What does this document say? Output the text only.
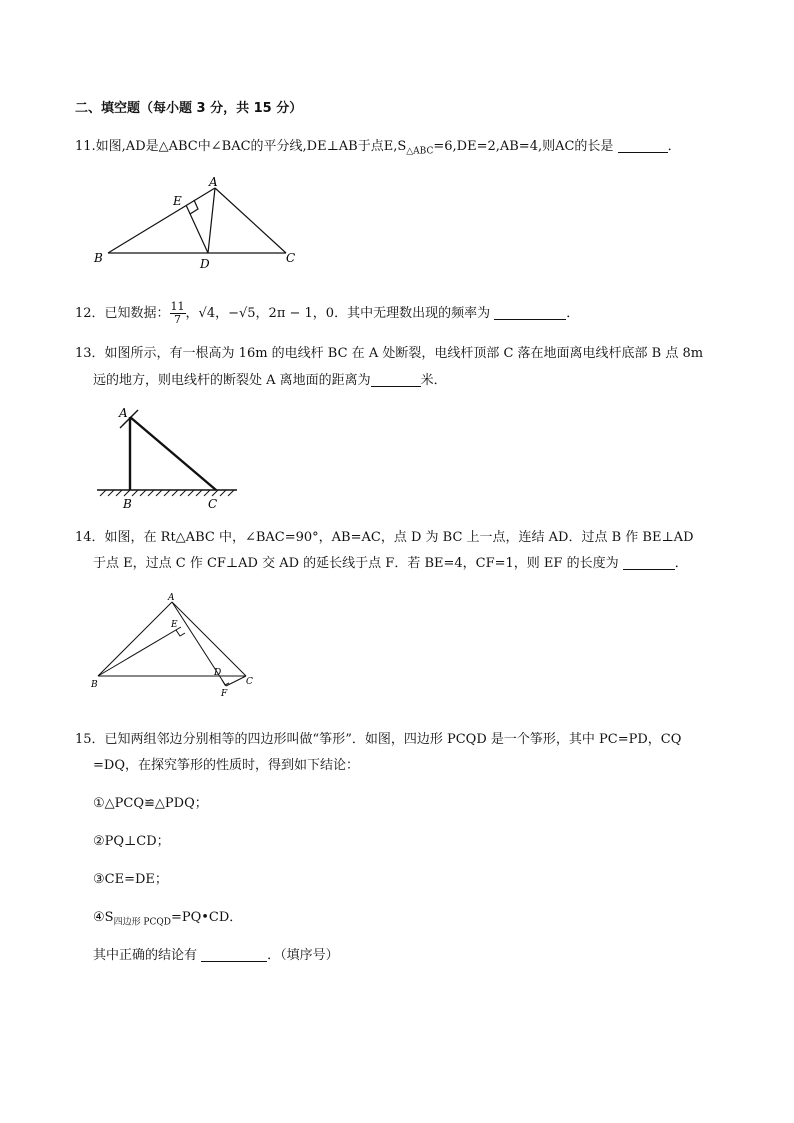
二、填空题（每小题 3 分，共 15 分）
11.如图,AD是△ABC中∠BAC的平分线,DE⊥AB于点$E,S_{\triangle ABC}=6,DE=2,AB=4$,则AC的长是	．
A
E
B	D	C
12．已知数据： $\frac{11}{7}$ ，√4，−√5，2π − 1，0．其中无理数出现的频率为	．
13．如图所示，有一根高为 16m 的电线杆 BC 在 A 处断裂，电线杆顶部 C 落在地面离电线杆底部 B 点 8m
远的地方，则电线杆的断裂处 A 离地面的距离为	米．
A
B	C
14．如图，在 Rt△ABC 中，∠BAC=90°，AB=AC，点 D 为 BC 上一点，连结 AD．过点 B 作 BE⊥AD
于点 E，过点 C 作 CF⊥AD 交 AD 的延长线于点 F．若 BE=4，CF=1，则 EF 的长度为	．
A
E
B
D
C
F
15．已知两组邻边分别相等的四边形叫做“筝形”．如图，四边形 PCQD 是一个筝形，其中 PC=PD，CQ
=DQ，在探究筝形的性质时，得到如下结论：
①△PCQ≌△PDQ；
②PQ⊥CD；
③CE=DE；
$④S_{四边形 PCQD}=PQ•CD$．
其中正确的结论有	．（填序号）
